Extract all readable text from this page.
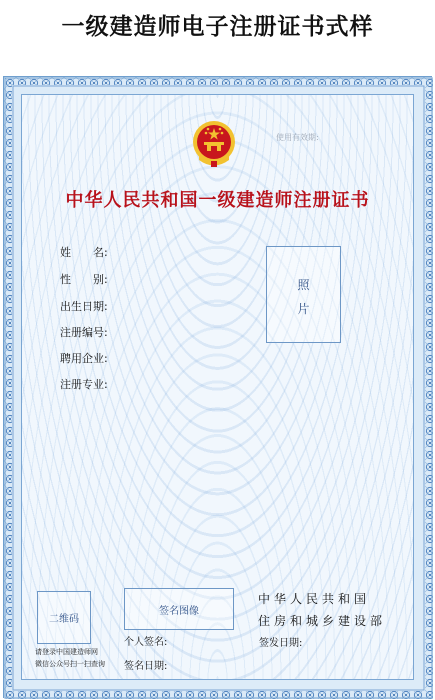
一级建造师电子注册证书式样
使用有效期:
中华人民共和国一级建造师注册证书
姓　　名:
性　　别:
出生日期:
注册编号:
聘用企业:
注册专业:
照
片
二维码
请登录中国建造师网
微信公众号扫一扫查询
签名图像
个人签名:
签名日期:
中华人民共和国
住房和城乡建设部
签发日期:
